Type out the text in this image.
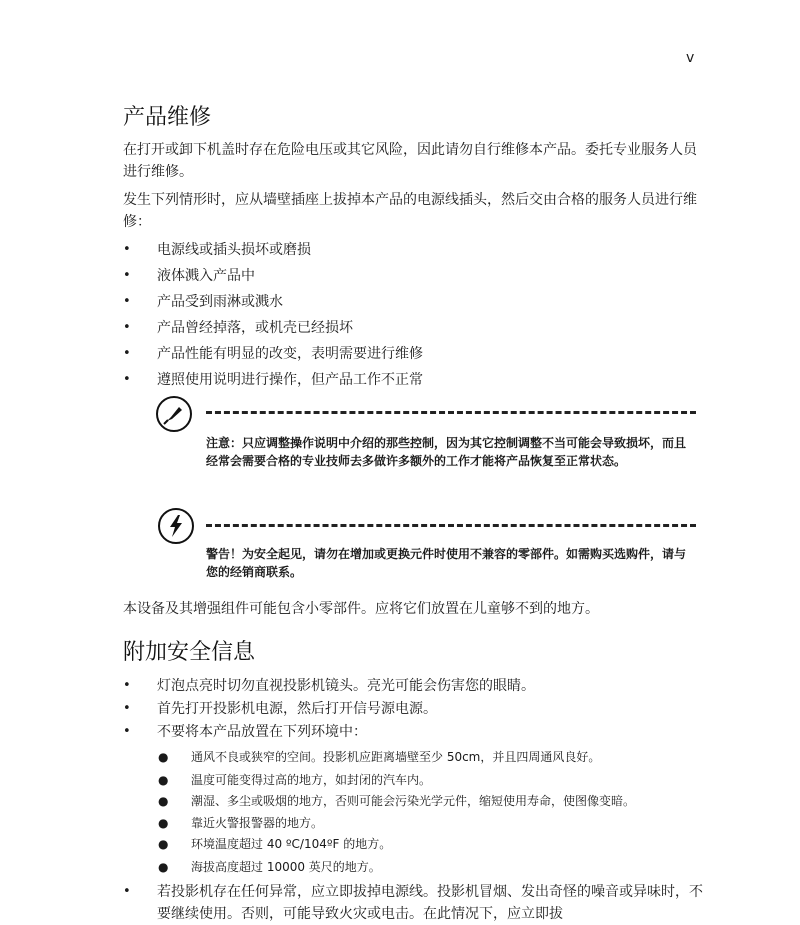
v
产品维修

在打开或卸下机盖时存在危险电压或其它风险，因此请勿自行维修本产品。委托专业服务人员进行维修。

发生下列情形时，应从墙壁插座上拔掉本产品的电源线插头，然后交由合格的服务人员进行维修：

• 电源线或插头损坏或磨损
• 液体溅入产品中
• 产品受到雨淋或溅水
• 产品曾经掉落，或机壳已经损坏
• 产品性能有明显的改变，表明需要进行维修
• 遵照使用说明进行操作，但产品工作不正常
注意：只应调整操作说明中介绍的那些控制，因为其它控制调整不当可能会导致损坏，而且经常会需要合格的专业技师去多做许多额外的工作才能将产品恢复至正常状态。
警告！为安全起见，请勿在增加或更换元件时使用不兼容的零部件。如需购买选购件，请与您的经销商联系。

本设备及其增强组件可能包含小零部件。应将它们放置在儿童够不到的地方。

附加安全信息
• 灯泡点亮时切勿直视投影机镜头。亮光可能会伤害您的眼睛。
• 首先打开投影机电源，然后打开信号源电源。
• 不要将本产品放置在下列环境中：
● 通风不良或狭窄的空间。投影机应距离墙壁至少 50cm，并且四周通风良好。
● 温度可能变得过高的地方，如封闭的汽车内。
● 潮湿、多尘或吸烟的地方，否则可能会污染光学元件，缩短使用寿命，使图像变暗。
● 靠近火警报警器的地方。
● 环境温度超过 40 ºC/104ºF 的地方。
● 海拔高度超过 10000 英尺的地方。
• 若投影机存在任何异常，应立即拔掉电源线。投影机冒烟、发出奇怪的噪音或异味时，不要继续使用。否则，可能导致火灾或电击。在此情况下，应立即拔
